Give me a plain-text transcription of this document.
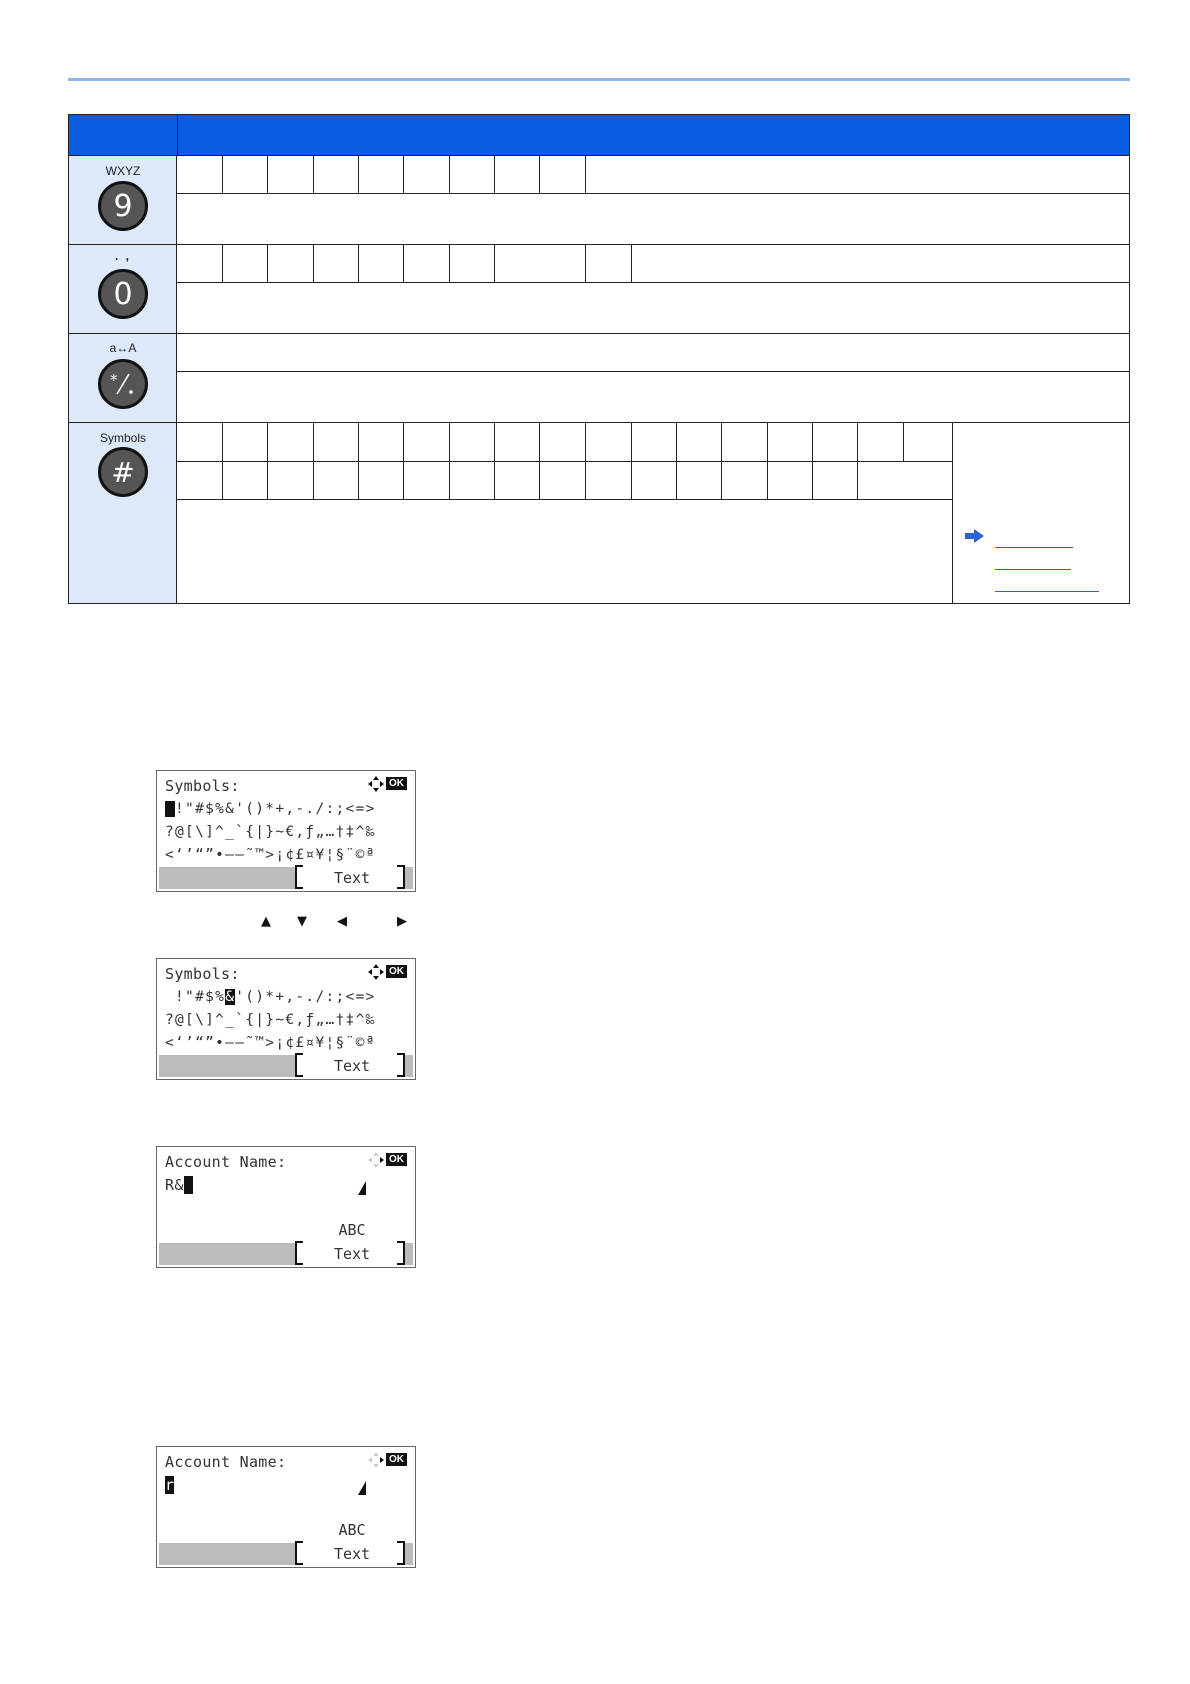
WXYZ
9
. ,
0
a↔A
*
Symbols
#
Symbols:	OK
!"#$%&'()*+,-./:;<=>
?@[\]^_`{|}~€,ƒ„…†‡^‰
<‘’“”•–—˜™>¡¢£¤¥¦§¨©ª
Text
▲ ▼ ◀	▶
Symbols:	OK
!"#$%&'()*+,-./:;<=>
?@[\]^_`{|}~€,ƒ„…†‡^‰
<‘’“”•–—˜™>¡¢£¤¥¦§¨©ª
Text
Account Name:	OK
R&
ABC
Text
Account Name:	OK
r
ABC
Text
